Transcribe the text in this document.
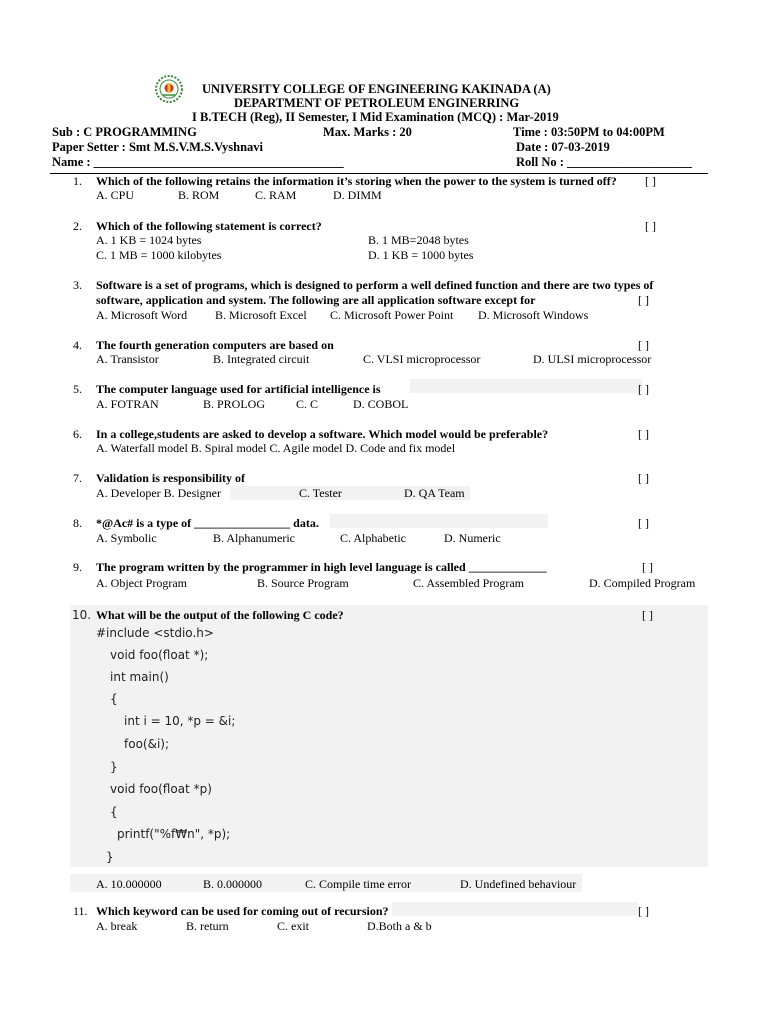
UNIVERSITY COLLEGE OF ENGINEERING KAKINADA (A)
DEPARTMENT OF PETROLEUM ENGINERRING
I B.TECH (Reg), II Semester, I Mid Examination (MCQ) : Mar-2019
Sub : C PROGRAMMING	Max. Marks : 20	Time : 03:50PM to 04:00PM
Paper Setter : Smt M.S.V.M.S.Vyshnavi	Date : 07-03-2019
Name : ________________________________________	Roll No : ____________________
1. Which of the following retains the information it’s storing when the power to the system is turned off? [ ]
A. CPU	B. ROM	C. RAM	D. DIMM
2. Which of the following statement is correct?	[ ]
A. 1 KB = 1024 bytes	B. 1 MB=2048 bytes
C. 1 MB = 1000 kilobytes	D. 1 KB = 1000 bytes
3. Software is a set of programs, which is designed to perform a well defined function and there are two types of
software, application and system. The following are all application software except for	[ ]
A. Microsoft Word B. Microsoft Excel C. Microsoft Power Point D. Microsoft Windows
4. The fourth generation computers are based on	[ ]
A. Transistor	B. Integrated circuit	C. VLSI microprocessor	D. ULSI microprocessor
5. The computer language used for artificial intelligence is	[ ]
A. FOTRAN	B. PROLOG	C. C	D. COBOL
6. In a college,students are asked to develop a software. Which model would be preferable?	[ ]
A. Waterfall model B. Spiral model C. Agile model D. Code and fix model
7. Validation is responsibility of	[ ]
A. Developer B. Designer	C. Tester	D. QA Team
8. *@Ac# is a type of ________________ data.	[ ]
A. Symbolic	B. Alphanumeric	C. Alphabetic	D. Numeric
9. The program written by the programmer in high level language is called _____________	[ ]
A. Object Program	B. Source Program	C. Assembled Program	D. Compiled Program
10. What will be the output of the following C code?	[ ]
#include <stdio.h>
void foo(float *);
int main()
{
int i = 10, *p = &i;
foo(&i);
}
void foo(float *p)
{
printf("%f₩n", *p);
}
A. 10.000000	B. 0.000000	C. Compile time error	D. Undefined behaviour
11. Which keyword can be used for coming out of recursion?	[ ]
A. break	B. return	C. exit	D.Both a & b
